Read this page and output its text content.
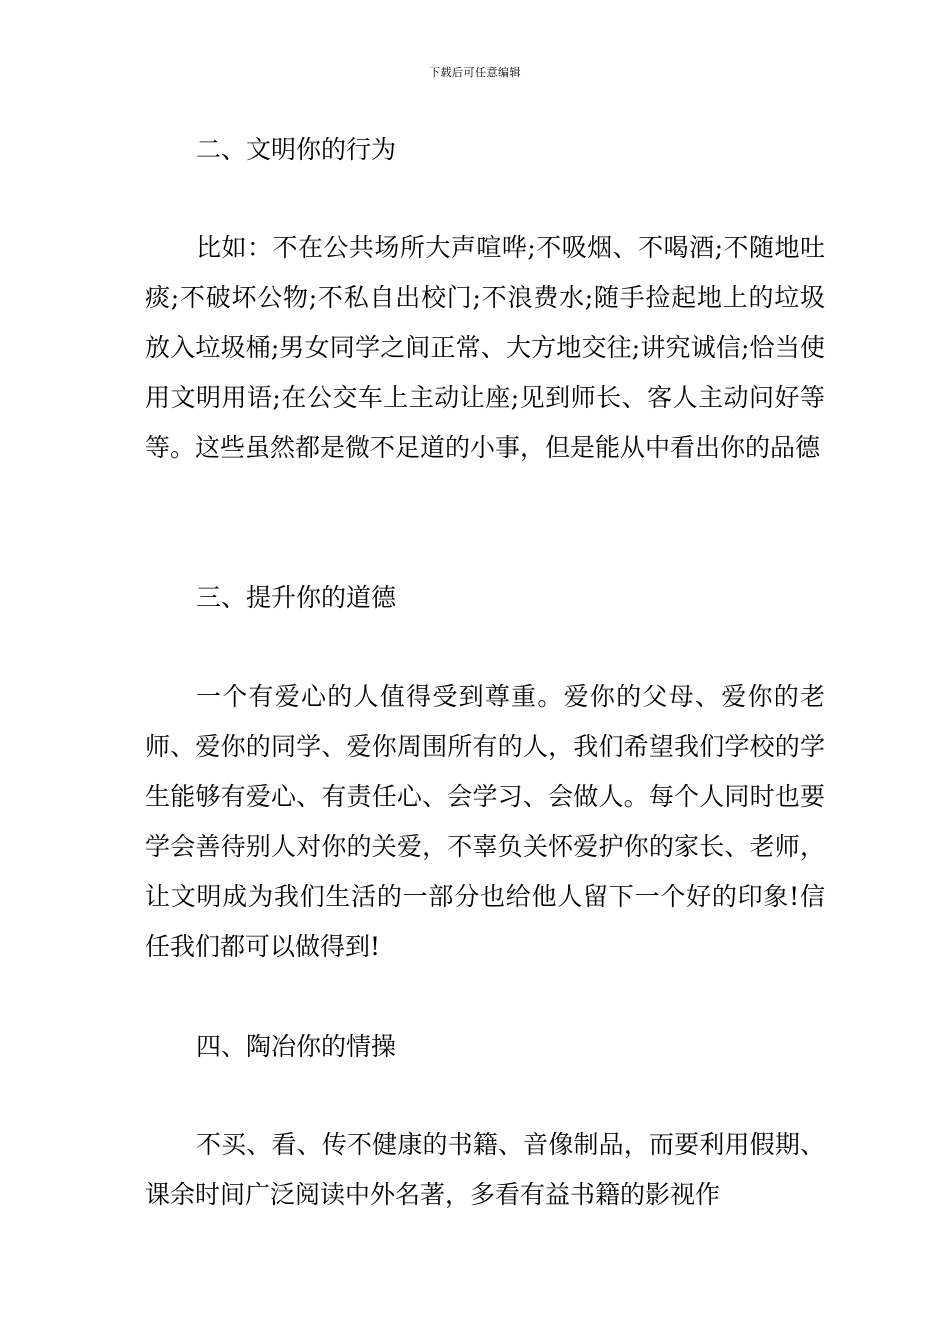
下载后可任意编辑
二、文明你的行为
比如：不在公共场所大声喧哗;不吸烟、不喝酒;不随地吐痰;不破坏公物;不私自出校门;不浪费水;随手捡起地上的垃圾放入垃圾桶;男女同学之间正常、大方地交往;讲究诚信;恰当使用文明用语;在公交车上主动让座;见到师长、客人主动问好等等。这些虽然都是微不足道的小事，但是能从中看出你的品德
三、提升你的道德
一个有爱心的人值得受到尊重。爱你的父母、爱你的老师、爱你的同学、爱你周围所有的人，我们希望我们学校的学生能够有爱心、有责任心、会学习、会做人。每个人同时也要学会善待别人对你的关爱，不辜负关怀爱护你的家长、老师，让文明成为我们生活的一部分也给他人留下一个好的印象!信任我们都可以做得到!
四、陶冶你的情操
不买、看、传不健康的书籍、音像制品，而要利用假期、课余时间广泛阅读中外名著，多看有益书籍的影视作
